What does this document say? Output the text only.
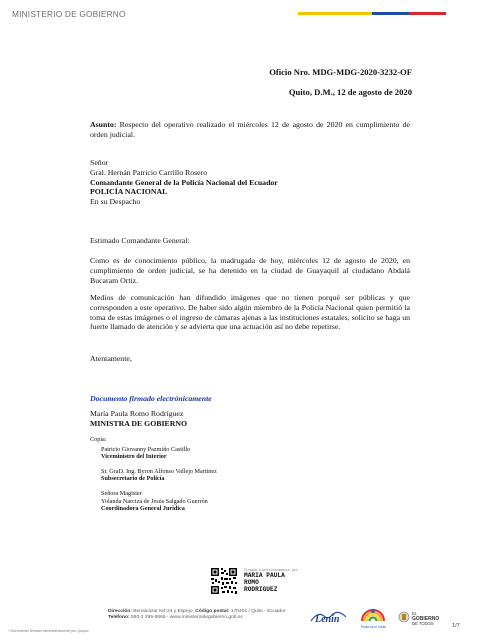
MINISTERIO DE GOBIERNO
Oficio Nro. MDG-MDG-2020-3232-OF
Quito, D.M., 12 de agosto de 2020

Asunto: Respecto del operativo realizado el miércoles 12 de agosto de 2020 en cumplimiento de orden judicial.

Señor
Gral. Hernán Patricio Carrillo Rosero
Comandante General de la Policía Nacional del Ecuador
POLICÍA NACIONAL
En su Despacho
Estimado Comandante General:

Como es de conocimiento público, la madrugada de hoy, miércoles 12 de agosto de 2020, en cumplimiento de orden judicial, se ha detenido en la ciudad de Guayaquil al ciudadano Abdalá Bucaram Ortiz.

Medios de comunicación han difundido imágenes que no tienen porqué ser públicas y que corresponden a este operativo. De haber sido algún miembro de la Policía Nacional quien permitió la toma de estas imágenes o el ingreso de cámaras ajenas a las instituciones estatales, solicito se haga un fuerte llamado de atención y se advierta que una actuación así no debe repetirse.

Atentamente,
Documento firmado electrónicamente
María Paula Romo Rodríguez
MINISTRA DE GOBIERNO
Copia:
Patricio Giovanny Pazmiño Castillo
Viceministro del Interior
Sr. GraD. Ing. Byron Alfonso Vallejo Martinez
Subsecretario de Policía
Señora Magister
Yolanda Narciza de Jesús Salgado Guerrón
Coordinadora General Jurídica
Firmado electrónicamente por:
MARIA PAULA
ROMO
RODRIGUEZ
Dirección: Benalcázar N4-24 y Espejo. Código postal: 170401 / Quito - Ecuador
Teléfono: 593-2 295-5666 - www.ministeriodegobierno.gob.ec
* Documento firmado electrónicamente por Quipux
Lenín
Toda una Vida
EL
GOBIERNO
DE TODOS	1/7
